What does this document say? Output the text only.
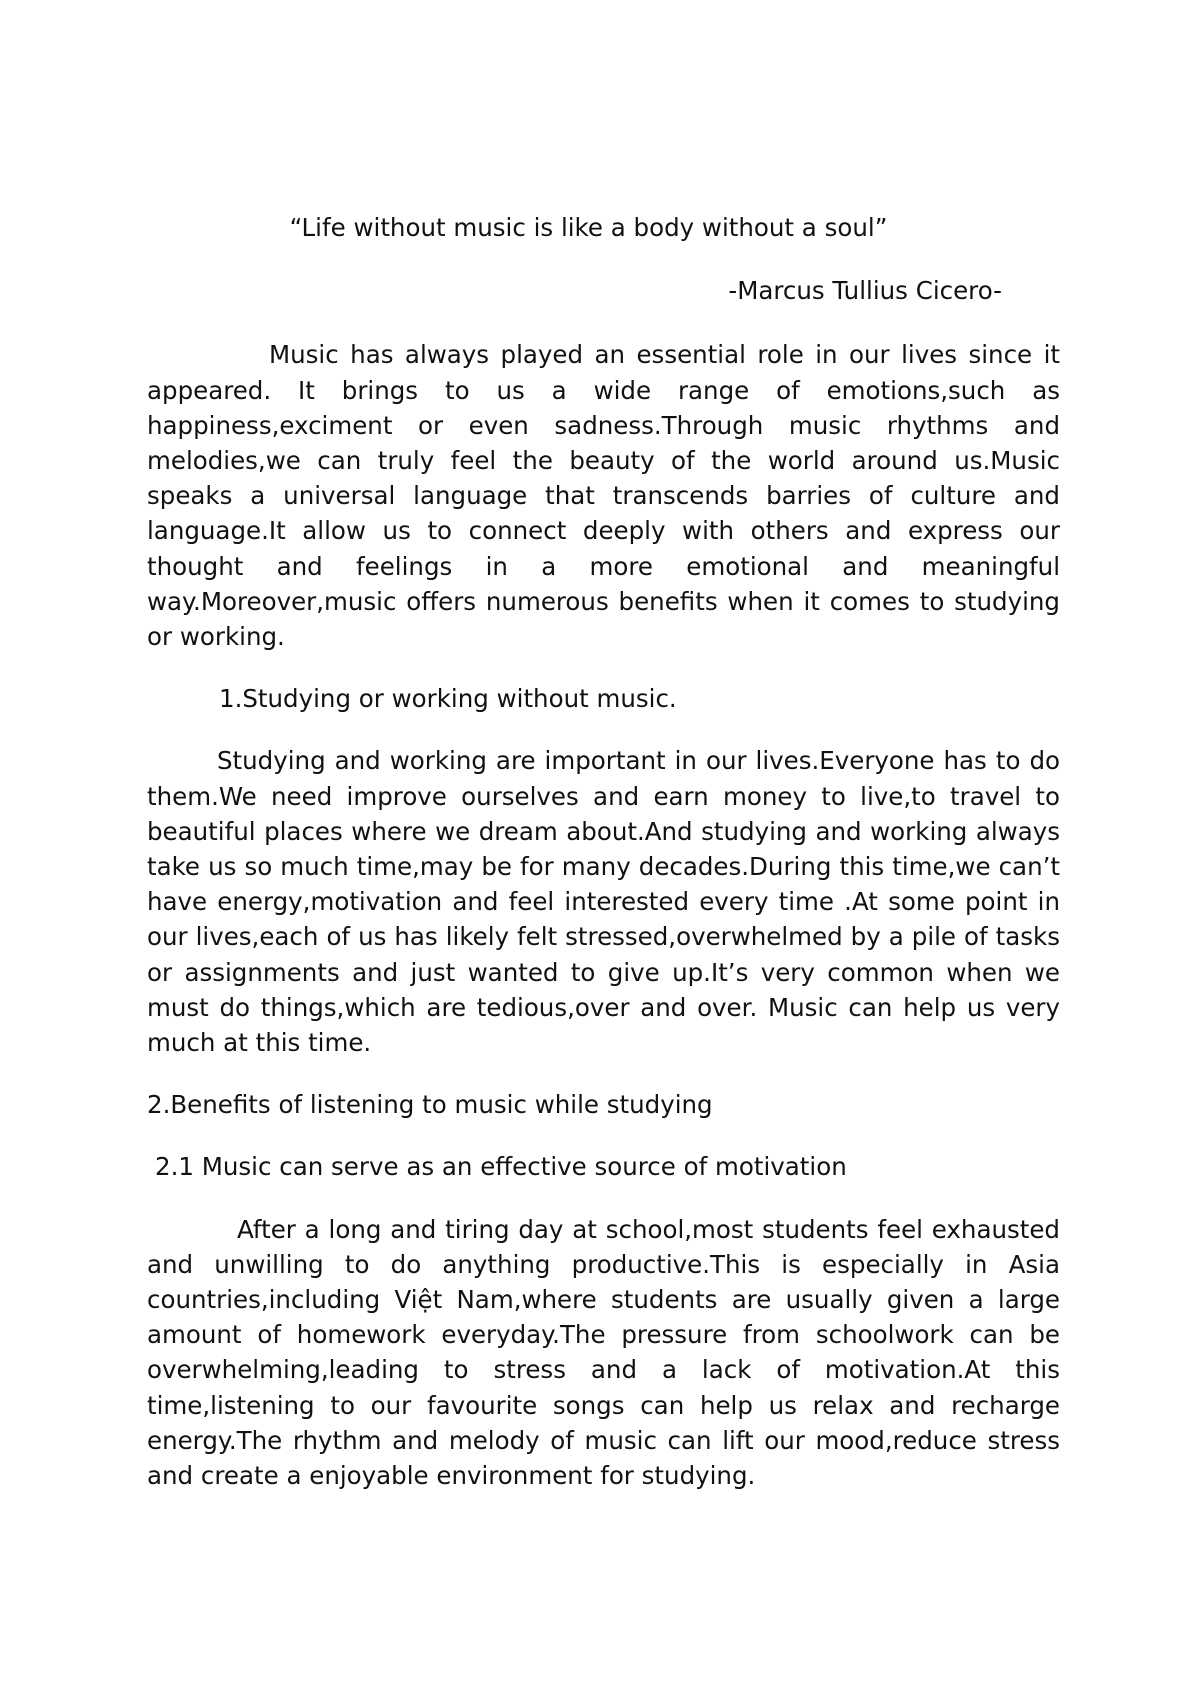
“Life without music is like a body without a soul”

-Marcus Tullius Cicero-

Music has always played an essential role in our lives since it appeared. It brings to us a wide range of emotions,such as happiness,exciment or even sadness.Through music rhythms and melodies,we can truly feel the beauty of the world around us.Music speaks a universal language that transcends barries of culture and language.It allow us to connect deeply with others and express our thought and feelings in a more emotional and meaningful way.Moreover,music offers numerous benefits when it comes to studying or working.

1.Studying or working without music.

Studying and working are important in our lives.Everyone has to do them.We need improve ourselves and earn money to live,to travel to beautiful places where we dream about.And studying and working always take us so much time,may be for many decades.During this time,we can’t have energy,motivation and feel interested every time .At some point in our lives,each of us has likely felt stressed,overwhelmed by a pile of tasks or assignments and just wanted to give up.It’s very common when we must do things,which are tedious,over and over. Music can help us very much at this time.

2.Benefits of listening to music while studying

2.1 Music can serve as an effective source of motivation

After a long and tiring day at school,most students feel exhausted and unwilling to do anything productive.This is especially in Asia countries,including Việt Nam,where students are usually given a large amount of homework everyday.The pressure from schoolwork can be overwhelming,leading to stress and a lack of motivation.At this time,listening to our favourite songs can help us relax and recharge energy.The rhythm and melody of music can lift our mood,reduce stress and create a enjoyable environment for studying.
